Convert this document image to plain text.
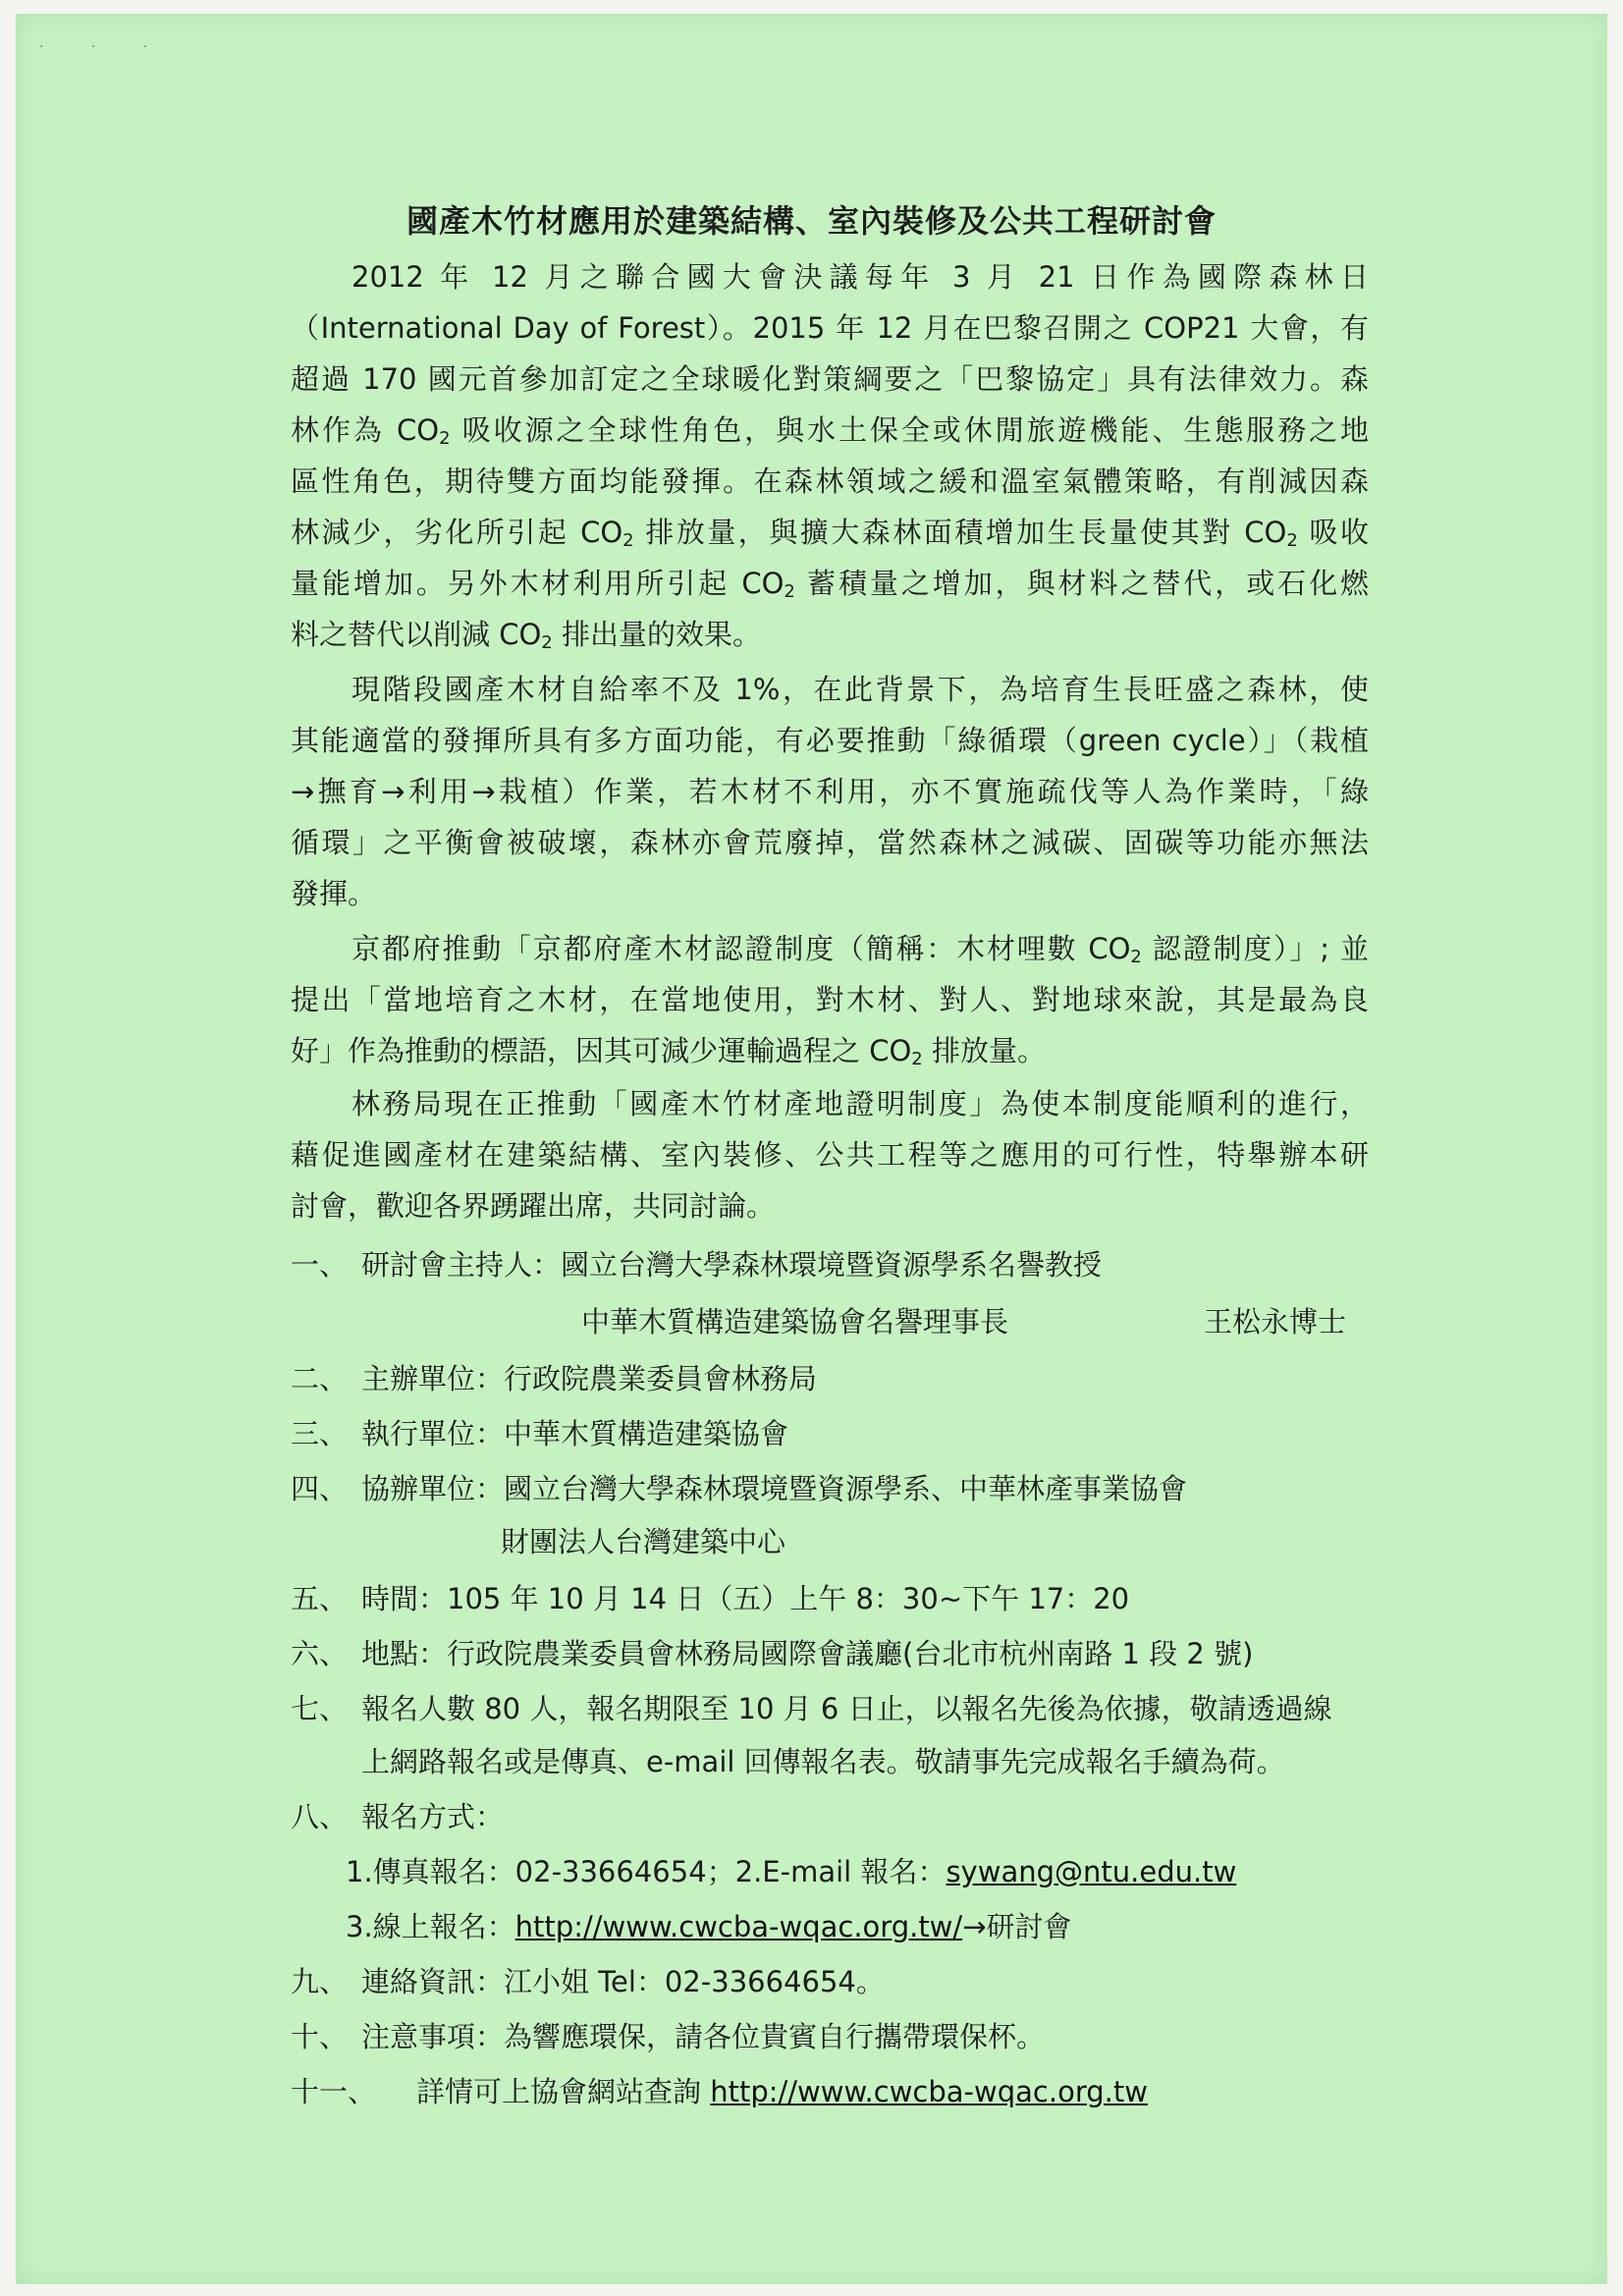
· · ·
國產木竹材應用於建築結構、室內裝修及公共工程研討會
2012 年 12 月之聯合國大會決議每年 3 月 21 日作為國際森林日
（International Day of Forest）。2015 年 12 月在巴黎召開之 COP21 大會，有
超過 170 國元首參加訂定之全球暖化對策綱要之「巴黎協定」具有法律效力。森
林作為 $CO_2$ 吸收源之全球性角色，與水土保全或休閒旅遊機能、生態服務之地
區性角色，期待雙方面均能發揮。在森林領域之緩和溫室氣體策略，有削減因森
林減少，劣化所引起 $CO_2$ 排放量，與擴大森林面積增加生長量使其對 $CO_2$ 吸收
量能增加。另外木材利用所引起 $CO_2$ 蓄積量之增加，與材料之替代，或石化燃
料之替代以削減 $CO_2$ 排出量的效果。
現階段國產木材自給率不及 1%，在此背景下，為培育生長旺盛之森林，使
其能適當的發揮所具有多方面功能，有必要推動「綠循環（green cycle）」（栽植
→撫育→利用→栽植）作業，若木材不利用，亦不實施疏伐等人為作業時，「綠
循環」之平衡會被破壞，森林亦會荒廢掉，當然森林之減碳、固碳等功能亦無法
發揮。
京都府推動「京都府產木材認證制度（簡稱：木材哩數 $CO_2$ 認證制度）」; 並
提出「當地培育之木材，在當地使用，對木材、對人、對地球來說，其是最為良
好」作為推動的標語，因其可減少運輸過程之 $CO_2$ 排放量。
林務局現在正推動「國產木竹材產地證明制度」為使本制度能順利的進行，
藉促進國產材在建築結構、室內裝修、公共工程等之應用的可行性，特舉辦本研
討會，歡迎各界踴躍出席，共同討論。
一、 研討會主持人：國立台灣大學森林環境暨資源學系名譽教授
中華木質構造建築協會名譽理事長	王松永博士
二、 主辦單位：行政院農業委員會林務局
三、 執行單位：中華木質構造建築協會
四、 協辦單位：國立台灣大學森林環境暨資源學系、中華林產事業協會
財團法人台灣建築中心
五、 時間：105 年 10 月 14 日（五）上午 8：30~下午 17：20
六、 地點：行政院農業委員會林務局國際會議廳(台北市杭州南路 1 段 2 號)
七、 報名人數 80 人，報名期限至 10 月 6 日止，以報名先後為依據，敬請透過線
上網路報名或是傳真、e-mail 回傳報名表。敬請事先完成報名手續為荷。
八、 報名方式：
1.傳真報名：02-33664654；2.E-mail 報名：sywang@ntu.edu.tw
3.線上報名：http://www.cwcba-wqac.org.tw/→研討會
九、 連絡資訊：江小姐 Tel：02-33664654。
十、 注意事項：為響應環保，請各位貴賓自行攜帶環保杯。
十一、 詳情可上協會網站查詢 http://www.cwcba-wqac.org.tw
